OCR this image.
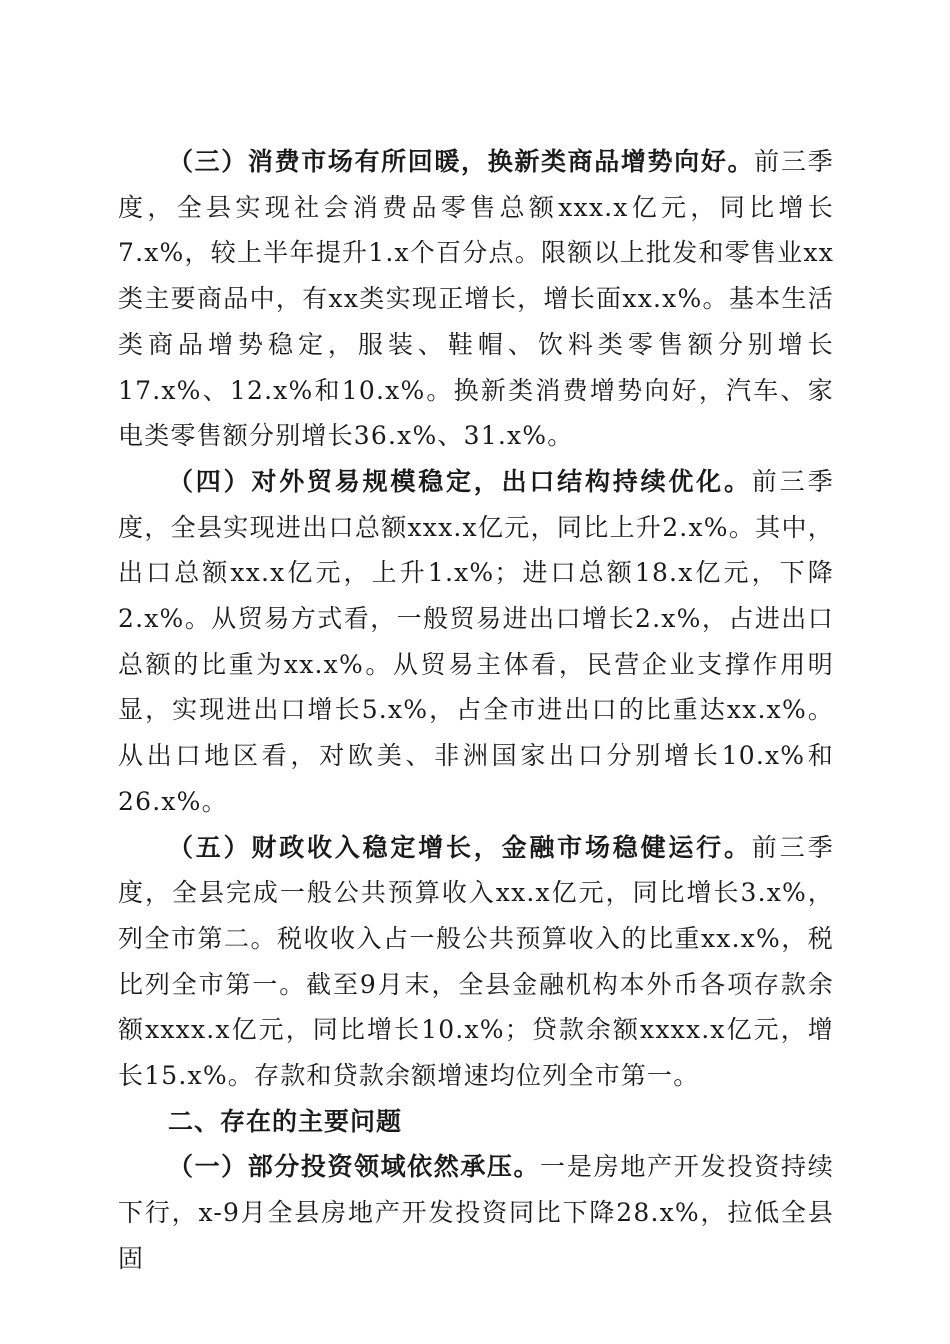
（三）消费市场有所回暖，换新类商品增势向好。前三季度，全县实现社会消费品零售总额xxx.x亿元，同比增长7.x%，较上半年提升1.x个百分点。限额以上批发和零售业xx类主要商品中，有xx类实现正增长，增长面xx.x%。基本生活类商品增势稳定，服装、鞋帽、饮料类零售额分别增长17.x%、12.x%和10.x%。换新类消费增势向好，汽车、家电类零售额分别增长36.x%、31.x%。

（四）对外贸易规模稳定，出口结构持续优化。前三季度，全县实现进出口总额xxx.x亿元，同比上升2.x%。其中，出口总额xx.x亿元，上升1.x%；进口总额18.x亿元，下降2.x%。从贸易方式看，一般贸易进出口增长2.x%，占进出口总额的比重为xx.x%。从贸易主体看，民营企业支撑作用明显，实现进出口增长5.x%，占全市进出口的比重达xx.x%。从出口地区看，对欧美、非洲国家出口分别增长10.x%和26.x%。

（五）财政收入稳定增长，金融市场稳健运行。前三季度，全县完成一般公共预算收入xx.x亿元，同比增长3.x%，列全市第二。税收收入占一般公共预算收入的比重xx.x%，税比列全市第一。截至9月末，全县金融机构本外币各项存款余额xxxx.x亿元，同比增长10.x%；贷款余额xxxx.x亿元，增长15.x%。存款和贷款余额增速均位列全市第一。

二、存在的主要问题

（一）部分投资领域依然承压。一是房地产开发投资持续下行，x-9月全县房地产开发投资同比下降28.x%，拉低全县固
